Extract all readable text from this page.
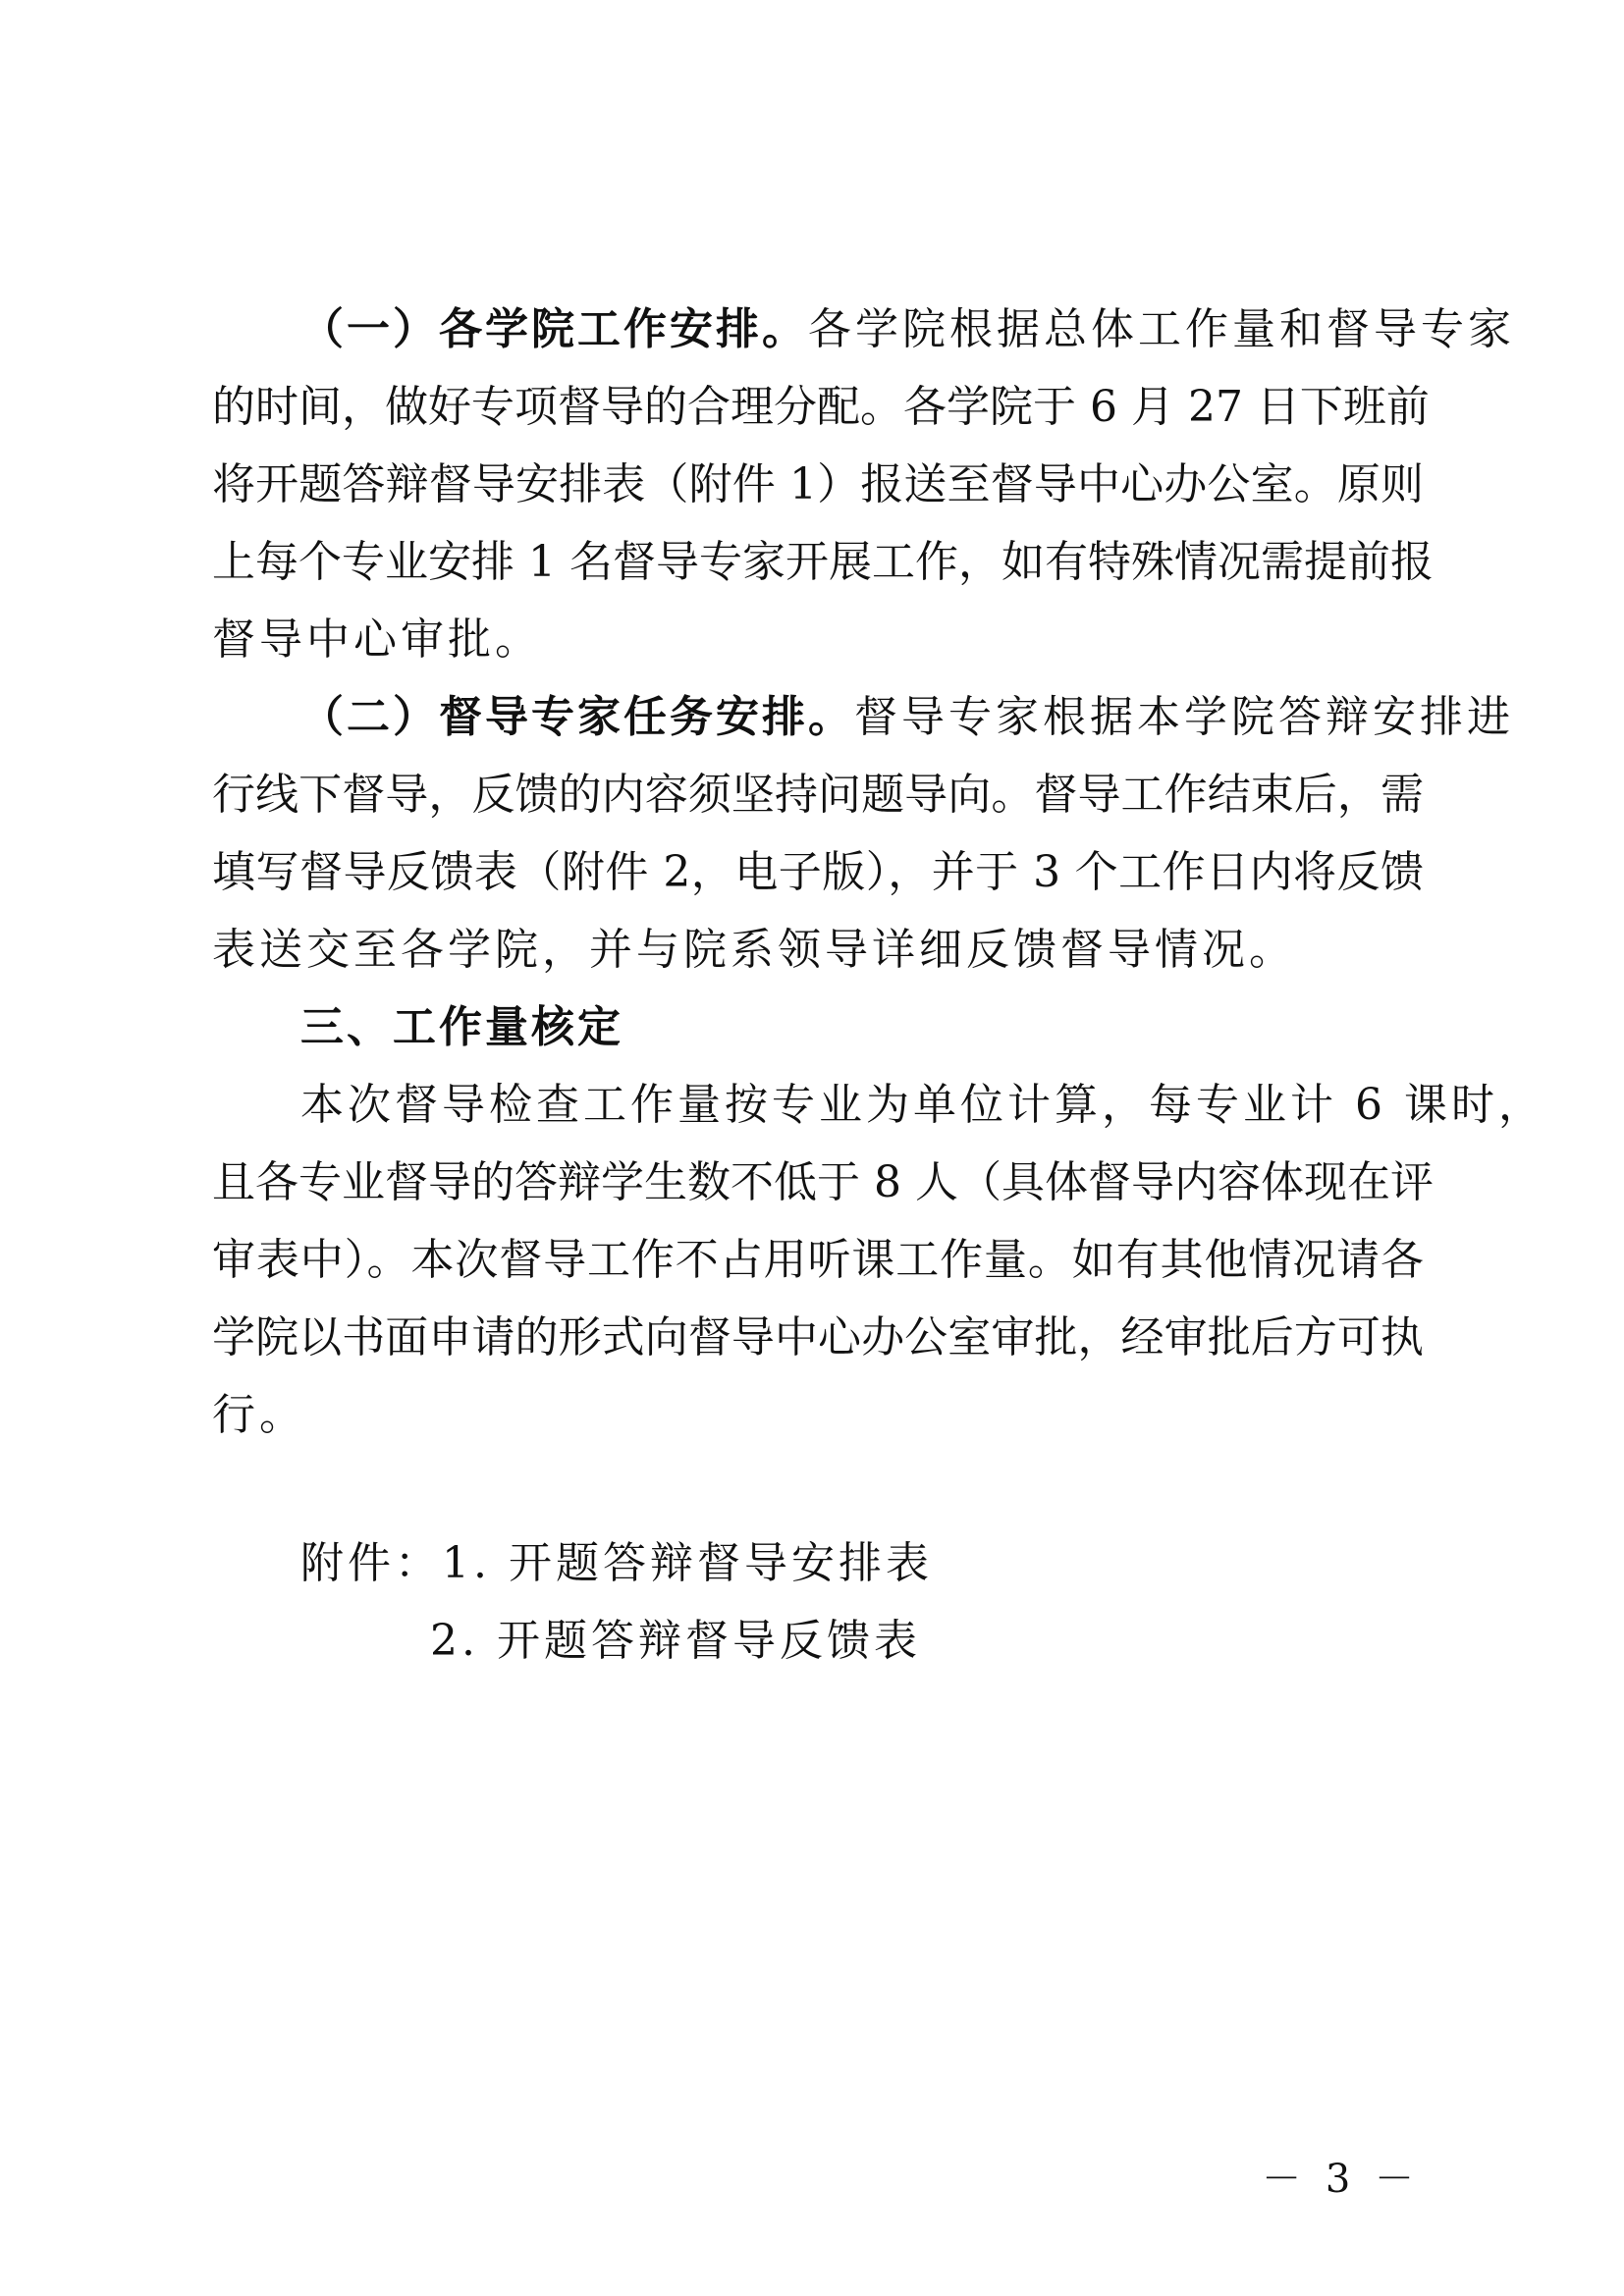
（一）各学院工作安排。各学院根据总体工作量和督导专家
的时间，做好专项督导的合理分配。各学院于 6 月 27 日下班前
将开题答辩督导安排表（附件 1）报送至督导中心办公室。原则
上每个专业安排 1 名督导专家开展工作，如有特殊情况需提前报
督导中心审批。
（二）督导专家任务安排。督导专家根据本学院答辩安排进
行线下督导，反馈的内容须坚持问题导向。督导工作结束后，需
填写督导反馈表（附件 2，电子版），并于 3 个工作日内将反馈
表送交至各学院，并与院系领导详细反馈督导情况。
三、工作量核定
本次督导检查工作量按专业为单位计算，每专业计 6 课时，
且各专业督导的答辩学生数不低于 8 人（具体督导内容体现在评
审表中）。本次督导工作不占用听课工作量。如有其他情况请各
学院以书面申请的形式向督导中心办公室审批，经审批后方可执
行。
附件：1. 开题答辩督导安排表
2. 开题答辩督导反馈表
－ 3 －
